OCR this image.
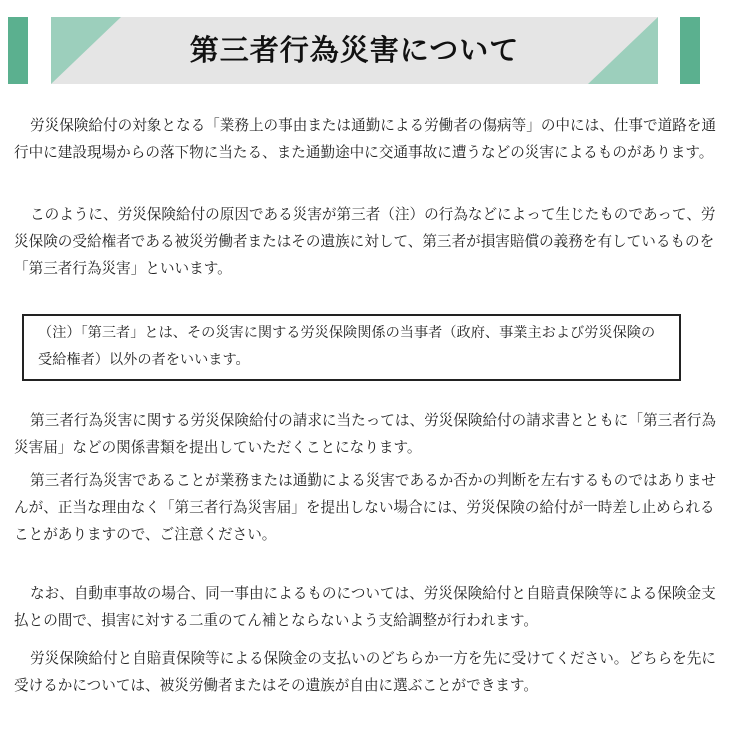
第三者行為災害について

労災保険給付の対象となる「業務上の事由または通勤による労働者の傷病等」の中には、仕事で道路を通行中に建設現場からの落下物に当たる、また通勤途中に交通事故に遭うなどの災害によるものがあります。

このように、労災保険給付の原因である災害が第三者（注）の行為などによって生じたものであって、労災保険の受給権者である被災労働者またはその遺族に対して、第三者が損害賠償の義務を有しているものを「第三者行為災害」といいます。

（注）「第三者」とは、その災害に関する労災保険関係の当事者（政府、事業主および労災保険の受給権者）以外の者をいいます。

第三者行為災害に関する労災保険給付の請求に当たっては、労災保険給付の請求書とともに「第三者行為災害届」などの関係書類を提出していただくことになります。

第三者行為災害であることが業務または通勤による災害であるか否かの判断を左右するものではありませんが、正当な理由なく「第三者行為災害届」を提出しない場合には、労災保険の給付が一時差し止められることがありますので、ご注意ください。

なお、自動車事故の場合、同一事由によるものについては、労災保険給付と自賠責保険等による保険金支払との間で、損害に対する二重のてん補とならないよう支給調整が行われます。

労災保険給付と自賠責保険等による保険金の支払いのどちらか一方を先に受けてください。どちらを先に受けるかについては、被災労働者またはその遺族が自由に選ぶことができます。
